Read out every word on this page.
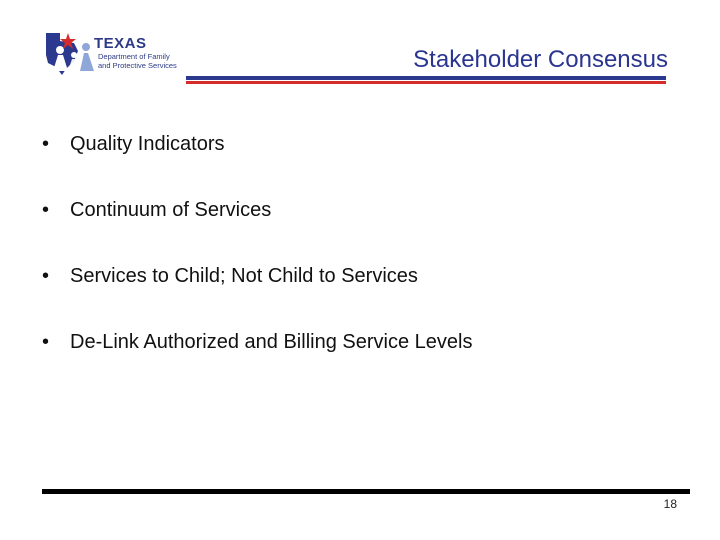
TEXAS
Department of Family
and Protective Services	Stakeholder Consensus
•	Quality Indicators
•	Continuum of Services
•	Services to Child; Not Child to Services
•	De-Link Authorized and Billing Service Levels
18
